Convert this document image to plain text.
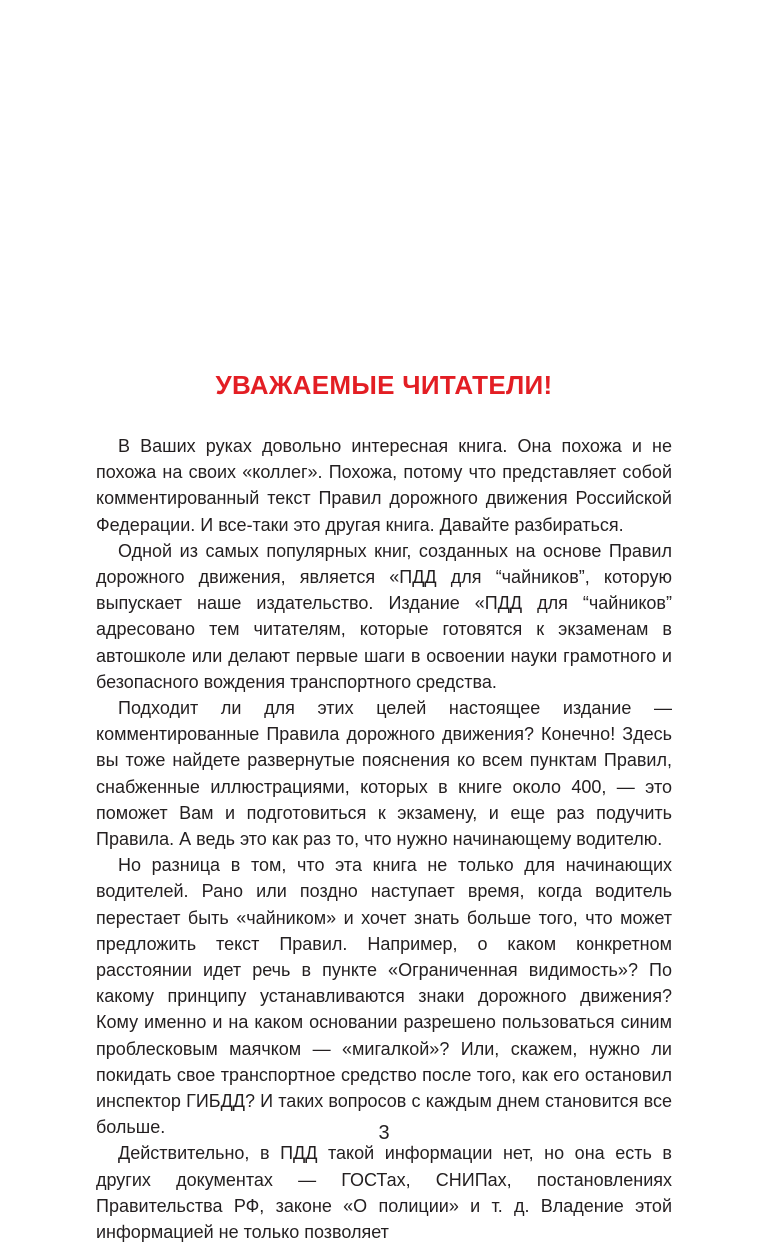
УВАЖАЕМЫЕ ЧИТАТЕЛИ!

В Ваших руках довольно интересная книга. Она похожа и не похожа на своих «коллег». Похожа, потому что представляет собой комментированный текст Правил дорожного движения Российской Федерации. И все-таки это другая книга. Давайте разбираться.

Одной из самых популярных книг, созданных на основе Правил дорожного движения, является «ПДД для “чайников”, которую выпускает наше издательство. Издание «ПДД для “чайников” адресовано тем читателям, которые готовятся к экзаменам в автошколе или делают первые шаги в освоении науки грамотного и безопасного вождения транспортного средства.

Подходит ли для этих целей настоящее издание — комментированные Правила дорожного движения? Конечно! Здесь вы тоже найдете развернутые пояснения ко всем пунктам Правил, снабженные иллюстрациями, которых в книге около 400, — это поможет Вам и подготовиться к экзамену, и еще раз подучить Правила. А ведь это как раз то, что нужно начинающему водителю.

Но разница в том, что эта книга не только для начинающих водителей. Рано или поздно наступает время, когда водитель перестает быть «чайником» и хочет знать больше того, что может предложить текст Правил. Например, о каком конкретном расстоянии идет речь в пункте «Ограниченная видимость»? По какому принципу устанавливаются знаки дорожного движения? Кому именно и на каком основании разрешено пользоваться синим проблесковым маячком — «мигалкой»? Или, скажем, нужно ли покидать свое транспортное средство после того, как его остановил инспектор ГИБДД? И таких вопросов с каждым днем становится все больше.

Действительно, в ПДД такой информации нет, но она есть в других документах — ГОСТах, СНИПах, постановлениях Правительства РФ, законе «О полиции» и т. д. Владение этой информацией не только позволяет

3
